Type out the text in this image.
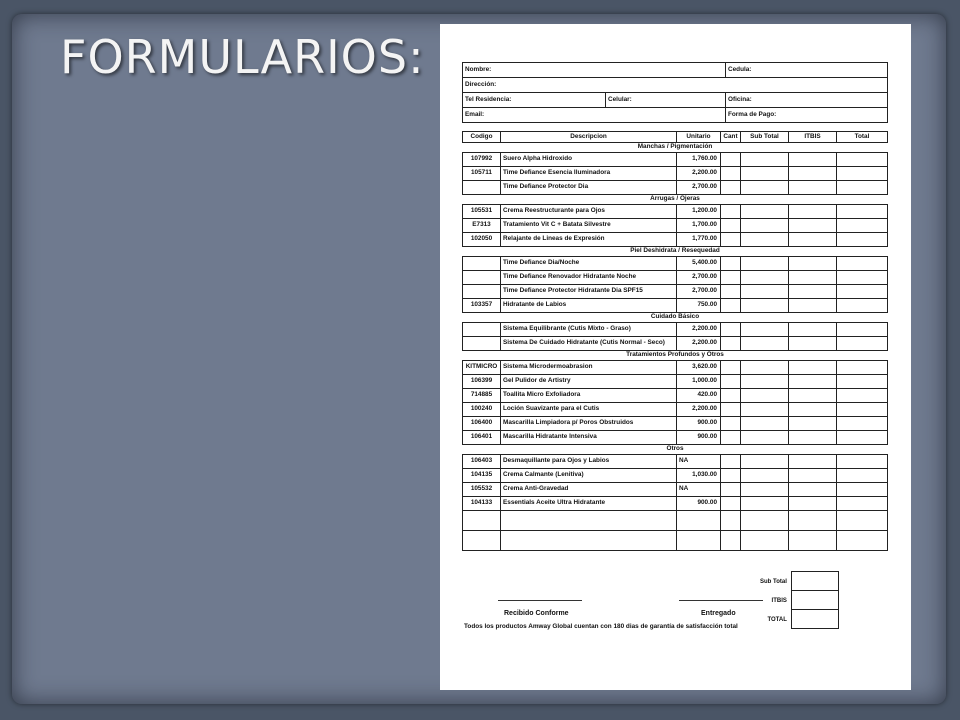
FORMULARIOS:	Nombre:		Cedula:
Dirección:		
Tel Residencia:	Celular:	Oficina:
Email:		Forma de Pago:
Codigo	Descripcion	Unitario	Cant	Sub Total	ITBIS	Total
Manchas / Pigmentación						
107992	Suero Alpha Hidroxido	1,760.00				
105711	Time Defiance Esencia Iluminadora	2,200.00				
	Time Defiance Protector Dia	2,700.00				
Arrugas / Ojeras						
105531	Crema Reestructurante para Ojos	1,200.00				
E7313	Tratamiento Vit C + Batata Silvestre	1,700.00				
102050	Relajante de Lineas de Expresión	1,770.00				
Piel Deshidrata / Resequedad						
	Time Defiance Dia/Noche	5,400.00				
	Time Defiance Renovador Hidratante Noche	2,700.00				
	Time Defiance Protector Hidratante Dia SPF15	2,700.00				
103357	Hidratante de Labios	750.00				
Cuidado Básico						
	Sistema Equilibrante (Cutis Mixto - Graso)	2,200.00				
	Sistema De Cuidado Hidratante (Cutis Normal - Seco)	2,200.00				
Tratamientos Profundos y Otros						
KITMICRO	Sistema Microdermoabrasion	3,620.00				
106399	Gel Pulidor de Artistry	1,000.00				
714885	Toallita Micro Exfoliadora	420.00				
100240	Loción Suavizante para el Cutis	2,200.00				
106400	Mascarilla Limpiadora p/ Poros Obstruidos	900.00				
106401	Mascarilla Hidratante Intensiva	900.00				
Otros						
106403	Desmaquillante para Ojos y Labios	NA				
104135	Crema Calmante (Lenitiva)	1,030.00				
105532	Crema Anti-Gravedad	NA				
104133	Essentials Aceite Ultra Hidratante	900.00				

Sub Total
ITBIS
TOTAL
Recibido Conforme	Entregado
Todos los productos Amway Global cuentan con 180 dias de garantía de satisfacción total
